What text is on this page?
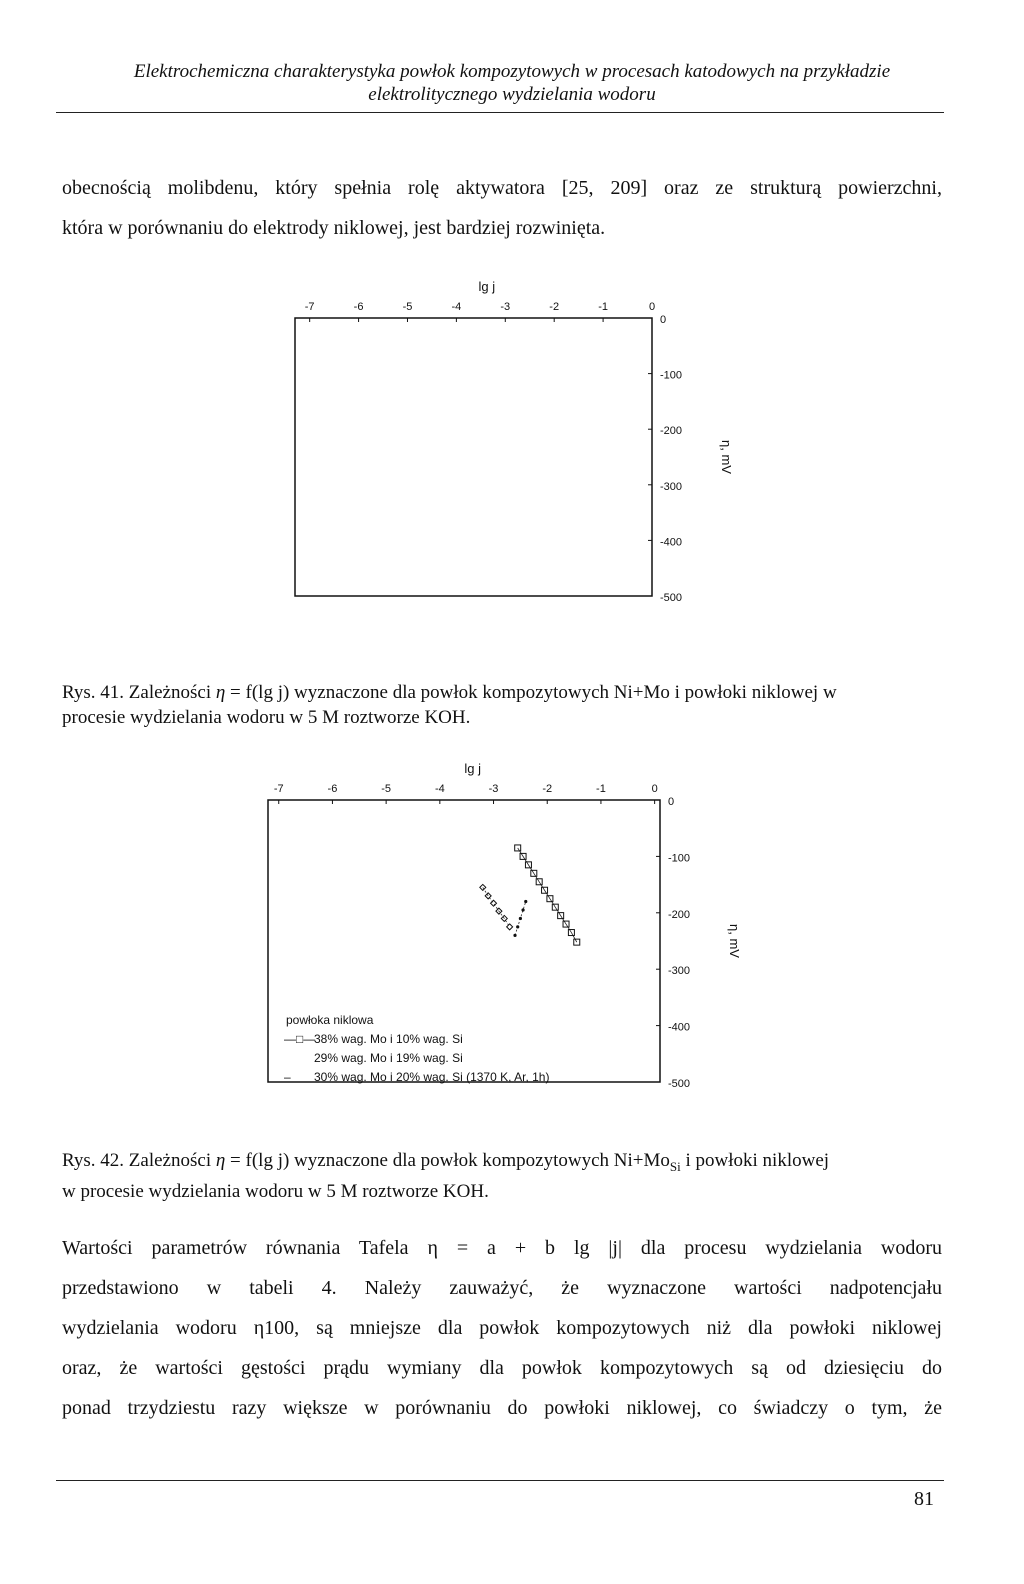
Elektrochemiczna charakterystyka powłok kompozytowych w procesach katodowych na przykładzie
elektrolitycznego wydzielania wodoru
obecnością molibdenu, który spełnia rolę aktywatora [25, 209] oraz ze strukturą powierzchni,
która w porównaniu do elektrody niklowej, jest bardziej rozwinięta.
-7	-6	-5	-4	-3	-2	-1	0
lg j
0
-100
-200
-300
-400
-500
η, mV
-7	-6	-5	-4	-3	-2	-1	0
lg j
0
-100
-200
-300
-400
-500
η, mV
powłoka niklowa
—□—
38% wag. Mo i 10% wag. Si
29% wag. Mo i 19% wag. Si
– 30% wag. Mo i 20% wag. Si (1370 K, Ar, 1h)
Rys. 41. Zależności η = f(lg j) wyznaczone dla powłok kompozytowych Ni+Mo i powłoki niklowej w
procesie wydzielania wodoru w 5 M roztworze KOH.
Rys. 42. Zależności η = f(lg j) wyznaczone dla powłok kompozytowych $Ni+Mo_{Si}$ i powłoki niklowej
w procesie wydzielania wodoru w 5 M roztworze KOH.
Wartości parametrów równania Tafela η = a + b lg |j| dla procesu wydzielania wodoru
przedstawiono w tabeli 4. Należy zauważyć, że wyznaczone wartości nadpotencjału
wydzielania wodoru η100, są mniejsze dla powłok kompozytowych niż dla powłoki niklowej
oraz, że wartości gęstości prądu wymiany dla powłok kompozytowych są od dziesięciu do
ponad trzydziestu razy większe w porównaniu do powłoki niklowej, co świadczy o tym, że
81
